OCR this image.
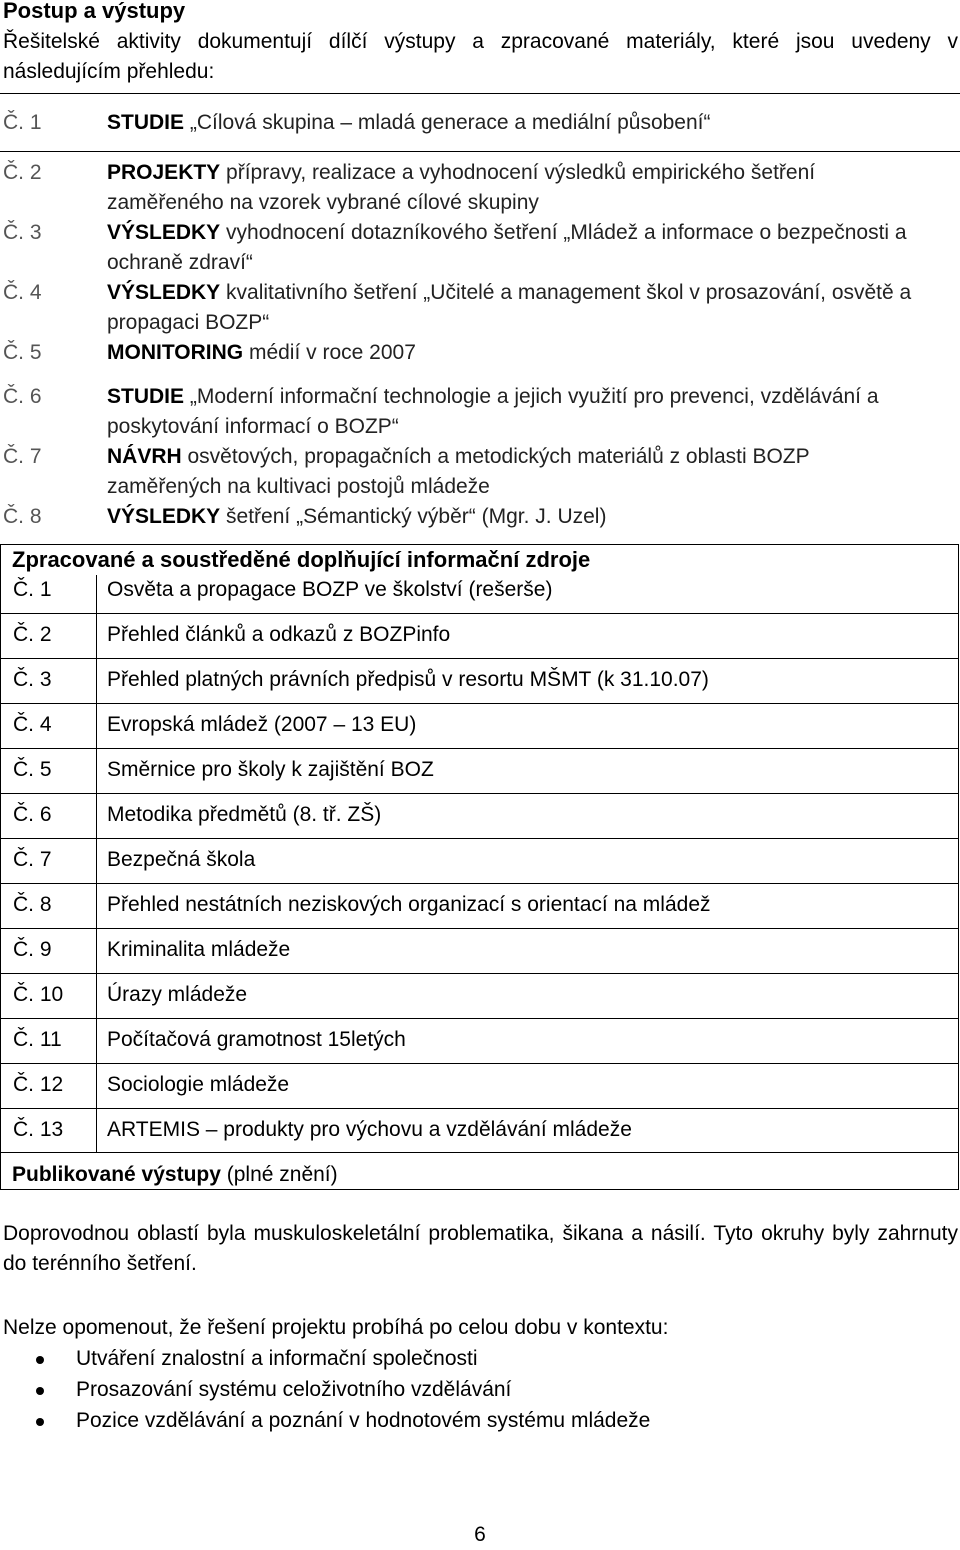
Postup a výstupy
Řešitelské aktivity dokumentují dílčí výstupy a zpracované materiály, které jsou uvedeny v následujícím přehledu:
Č. 1	STUDIE „Cílová skupina – mladá generace a mediální působení“
Č. 2	PROJEKTY přípravy, realizace a vyhodnocení výsledků empirického šetření zaměřeného na vzorek vybrané cílové skupiny
Č. 3	VÝSLEDKY vyhodnocení dotazníkového šetření „Mládež a informace o bezpečnosti a ochraně zdraví“
Č. 4	VÝSLEDKY kvalitativního šetření „Učitelé a management škol v prosazování, osvětě a propagaci BOZP“
Č. 5	MONITORING médií v roce 2007
Č. 6	STUDIE „Moderní informační technologie a jejich využití pro prevenci, vzdělávání a poskytování informací o BOZP“
Č. 7	NÁVRH osvětových, propagačních a metodických materiálů z oblasti BOZP zaměřených na kultivaci postojů mládeže
Č. 8	VÝSLEDKY šetření „Sémantický výběr“ (Mgr. J. Uzel)
Zpracované a soustředěné doplňující informační zdroje
Č. 1	Osvěta a propagace BOZP ve školství (rešerše)
Č. 2	Přehled článků a odkazů z BOZPinfo
Č. 3	Přehled platných právních předpisů v resortu MŠMT (k 31.10.07)
Č. 4	Evropská mládež (2007 – 13 EU)
Č. 5	Směrnice pro školy k zajištění BOZ
Č. 6	Metodika předmětů (8. tř. ZŠ)
Č. 7	Bezpečná škola
Č. 8	Přehled nestátních neziskových organizací s orientací na mládež
Č. 9	Kriminalita mládeže
Č. 10 Úrazy mládeže
Č. 11 Počítačová gramotnost 15letých
Č. 12 Sociologie mládeže
Č. 13 ARTEMIS – produkty pro výchovu a vzdělávání mládeže
Publikované výstupy (plné znění)
Doprovodnou oblastí byla muskuloskeletální problematika, šikana a násilí. Tyto okruhy byly zahrnuty do terénního šetření.
Nelze opomenout, že řešení projektu probíhá po celou dobu v kontextu:
Utváření znalostní a informační společnosti
Prosazování systému celoživotního vzdělávání
Pozice vzdělávání a poznání v hodnotovém systému mládeže
6
